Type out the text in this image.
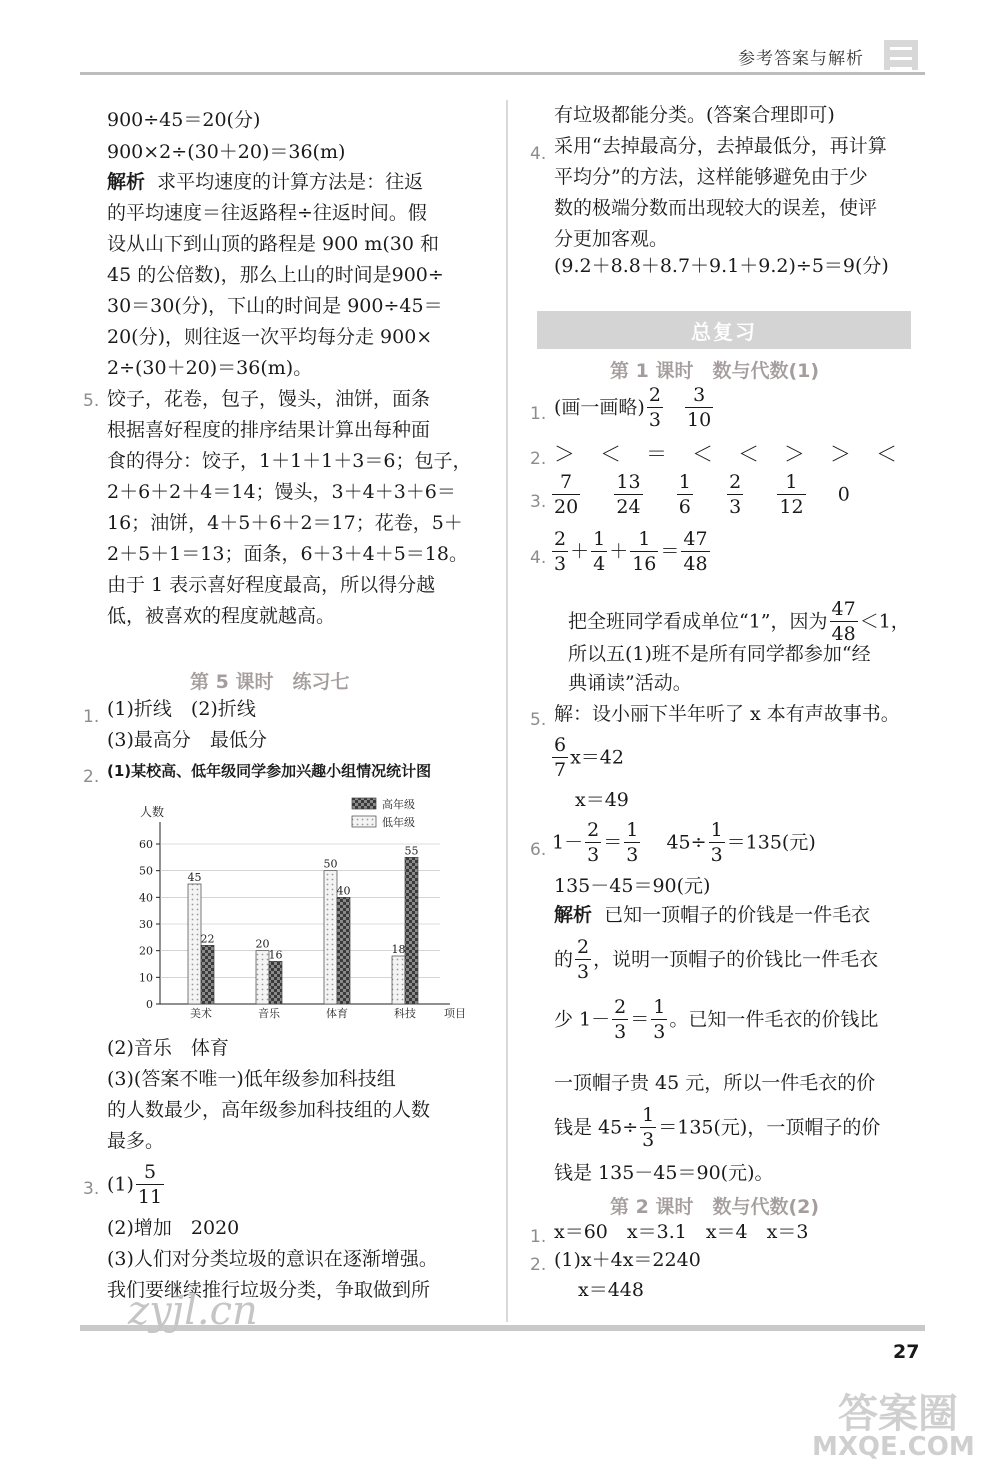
参考答案与解析
900÷45＝20(分)
900×2÷(30＋20)＝36(m)
解析 求平均速度的计算方法是：往返
的平均速度＝往返路程÷往返时间。假
设从山下到山顶的路程是 900 m(30 和
45 的公倍数)，那么上山的时间是900÷
30＝30(分)，下山的时间是 900÷45＝
20(分)，则往返一次平均每分走 900×
2÷(30＋20)＝36(m)。
5. 饺子，花卷，包子，馒头，油饼，面条
根据喜好程度的排序结果计算出每种面
食的得分：饺子，1＋1＋1＋3＝6；包子，
2＋6＋2＋4＝14；馒头，3＋4＋3＋6＝
16；油饼，4＋5＋6＋2＝17；花卷，5＋
2＋5＋1＝13；面条，6＋3＋4＋5＝18。
由于 1 表示喜好程度最高，所以得分越
低，被喜欢的程度就越高。
第 5 课时　练习七
1. (1)折线　(2)折线
(3)最高分　最低分
2. (1)某校高、低年级同学参加兴趣小组情况统计图
人数
项目
0
10
20
30
40
50
60
45
22
美术
20
16
音乐
50
40
体育
18
55
科技
高年级
低年级
(2)音乐　体育
(3)(答案不唯一)低年级参加科技组
的人数最少，高年级参加科技组的人数
最多。
3. $(1) \frac{5}{11}$
(2)增加　2020
(3)人们对分类垃圾的意识在逐渐增强。
我们要继续推行垃圾分类，争取做到所
有垃圾都能分类。(答案合理即可)
4. 采用“去掉最高分，去掉最低分，再计算
平均分”的方法，这样能够避免由于少
数的极端分数而出现较大的误差，使评
分更加客观。
(9.2＋8.8＋8.7＋9.1＋9.2)÷5＝9(分)
总复习
第 1 课时　数与代数(1)
1. (画一画略) $\frac{2}{3}$
$\frac{3}{10}$
2. ＞　＜　＝　＜　＜　＞　＞　＜
3. $\frac{7}{20}$
$\frac{13}{24}$
$\frac{1}{6}$
$\frac{2}{3}$
$\frac{1}{12} 0$
4. $\frac{2}{3} + \frac{1}{4} + \frac{1}{16} = \frac{47}{48}$
把全班同学看成单位“1”，因为 $\frac{47}{48} <1$，
所以五(1)班不是所有同学都参加“经
典诵读”活动。
5. 解：设小丽下半年听了 x 本有声故事书。
$\frac{6}{7} x=42$
x＝49
6. $1- \frac{2}{3} = \frac{1}{3} 45\div \frac{1}{3} =135$(元)
135－45＝90(元)
解析 已知一顶帽子的价钱是一件毛衣
的 $\frac{2}{3}$ ，说明一顶帽子的价钱比一件毛衣
少 $1- \frac{2}{3} = \frac{1}{3}$ 。已知一件毛衣的价钱比
一顶帽子贵 45 元，所以一件毛衣的价
钱是 $45\div \frac{1}{3} =135$(元)，一顶帽子的价
钱是 135－45＝90(元)。
第 2 课时　数与代数(2)
1. x＝60　x＝3.1　x＝4　x＝3
2. (1)x＋4x＝2240
x＝448
27
zyjl.cn
答案圈
MXQE.COM
